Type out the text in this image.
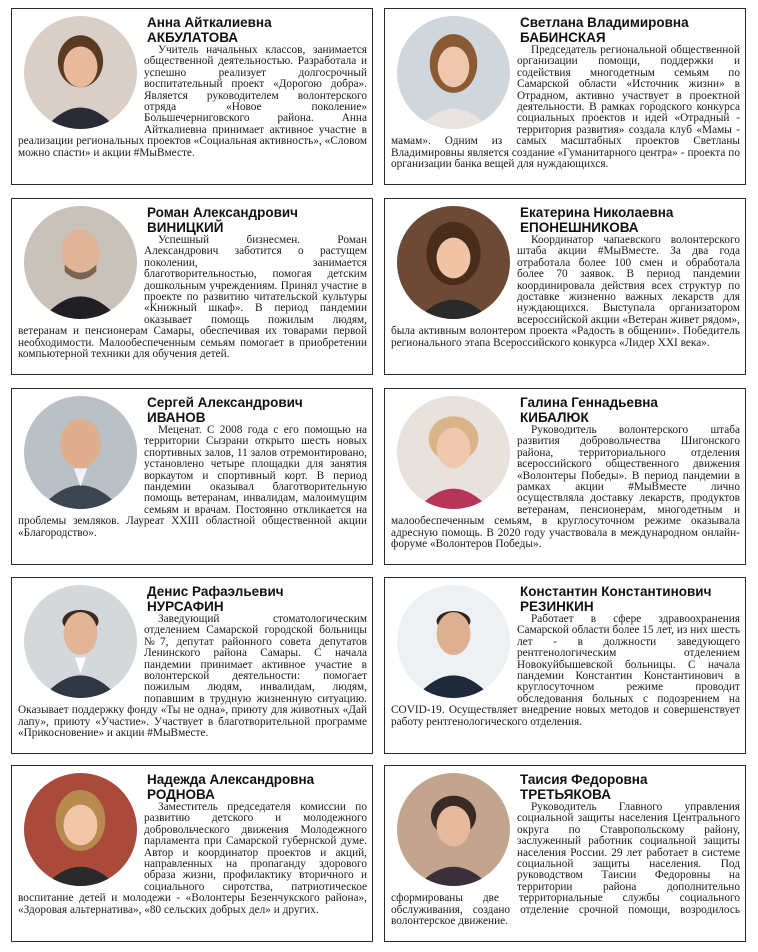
Анна Айткалиевна
АКБУЛАТОВА
Учитель начальных классов, занимается общественной деятельностью. Разработала и успешно реализует долгосрочный воспитательный проект «Дорогою добра». Является руководителем волонтерского отряда «Новое поколение» Большечерниговского района. Анна Айткалиевна принимает активное участие в реализации региональных проектов «Социальная активность», «Словом можно спасти» и акции #МыВместе.
Светлана Владимировна
БАБИНСКАЯ
Председатель региональной общественной организации помощи, поддержки и содействия многодетным семьям по Самарской области «Источник жизни» в Отрадном, активно участвует в проектной деятельности. В рамках городского конкурса социальных проектов и идей «Отрадный - территория развития» создала клуб «Мамы - мамам». Одним из самых масштабных проектов Светланы Владимировны является создание «Гуманитарного центра» - проекта по организации банка вещей для нуждающихся.
Роман Александрович
ВИНИЦКИЙ
Успешный бизнесмен. Роман Александрович заботится о растущем поколении, занимается благотворительностью, помогая детским дошкольным учреждениям. Принял участие в проекте по развитию читательской культуры «Книжный шкаф». В период пандемии оказывает помощь пожилым людям, ветеранам и пенсионерам Самары, обеспечивая их товарами первой необходимости. Малообеспеченным семьям помогает в приобретении компьютерной техники для обучения детей.
Екатерина Николаевна
ЕПОНЕШНИКОВА
Координатор чапаевского волонтерского штаба акции #МыВместе. За два года отработала более 100 смен и обработала более 70 заявок. В период пандемии координировала действия всех структур по доставке жизненно важных лекарств для нуждающихся. Выступала организатором всероссийской акции «Ветеран живет рядом», была активным волонтером проекта «Радость в общении». Победитель регионального этапа Всероссийского конкурса «Лидер XXI века».
Сергей Александрович
ИВАНОВ
Меценат. С 2008 года с его помощью на территории Сызрани открыто шесть новых спортивных залов, 11 залов отремонтировано, установлено четыре площадки для занятия воркаутом и спортивный корт. В период пандемии оказывал благотворительную помощь ветеранам, инвалидам, малоимущим семьям и врачам. Постоянно откликается на проблемы земляков. Лауреат XXIII областной общественной акции «Благородство».
Галина Геннадьевна
КИБАЛЮК
Руководитель волонтерского штаба развития добровольчества Шигонского района, территориального отделения всероссийского общественного движения «Волонтеры Победы». В период пандемии в рамках акции #МыВместе лично осуществляла доставку лекарств, продуктов ветеранам, пенсионерам, многодетным и малообеспеченным семьям, в круглосуточном режиме оказывала адресную помощь. В 2020 году участвовала в международном онлайн-форуме «Волонтеров Победы».
Денис Рафаэльевич
НУРСАФИН
Заведующий стоматологическим отделением Самарской городской больницы №7, депутат районного совета депутатов Ленинского района Самары. С начала пандемии принимает активное участие в волонтерской деятельности: помогает пожилым людям, инвалидам, людям, попавшим в трудную жизненную ситуацию. Оказывает поддержку фонду «Ты не одна», приюту для животных «Дай лапу», приюту «Участие». Участвует в благотворительной программе «Прикосновение» и акции #МыВместе.
Константин Константинович
РЕЗИНКИН
Работает в сфере здравоохранения Самарской области более 15 лет, из них шесть лет - в должности заведующего рентгенологическим отделением Новокуйбышевской больницы. С начала пандемии Константин Константинович в круглосуточном режиме проводит обследования больных с подозрением на COVID-19. Осуществляет внедрение новых методов и совершенствует работу рентгенологического отделения.
Надежда Александровна
РОДНОВА
Заместитель председателя комиссии по развитию детского и молодежного добровольческого движения Молодежного парламента при Самарской губернской думе. Автор и координатор проектов и акций, направленных на пропаганду здорового образа жизни, профилактику вторичного и социального сиротства, патриотическое воспитание детей и молодежи - «Волонтеры Безенчукского района», «Здоровая альтернатива», «80 сельских добрых дел» и других.
Таисия Федоровна
ТРЕТЬЯКОВА
Руководитель Главного управления социальной защиты населения Центрального округа по Ставропольскому району, заслуженный работник социальной защиты населения России. 29 лет работает в системе социальной защиты населения. Под руководством Таисии Федоровны на территории района дополнительно сформированы две территориальные службы социального обслуживания, создано отделение срочной помощи, возродилось волонтерское движение.
